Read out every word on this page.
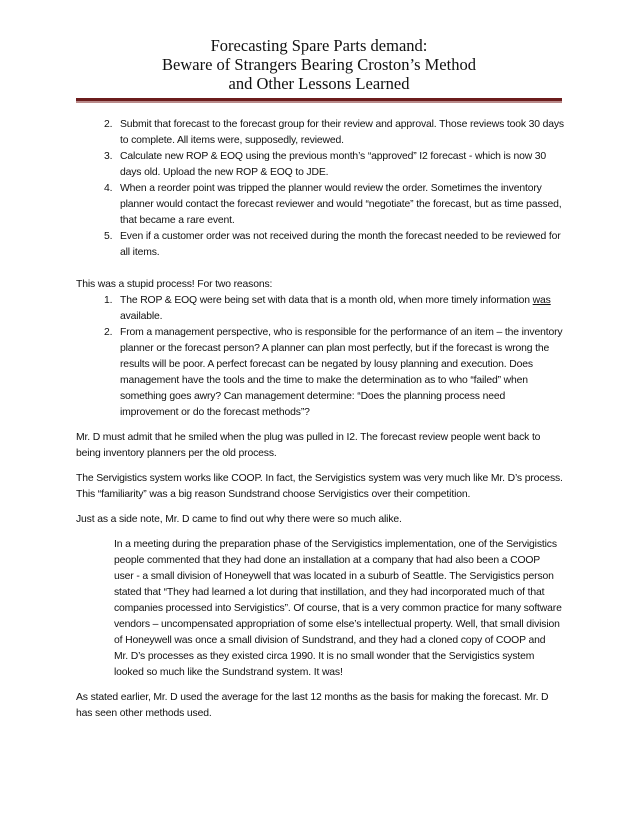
Forecasting Spare Parts demand:
Beware of Strangers Bearing Croston’s Method
and Other Lessons Learned
2. Submit that forecast to the forecast group for their review and approval. Those reviews took 30 days to complete. All items were, supposedly, reviewed.
3. Calculate new ROP & EOQ using the previous month’s “approved” I2 forecast - which is now 30 days old. Upload the new ROP & EOQ to JDE.
4. When a reorder point was tripped the planner would review the order. Sometimes the inventory planner would contact the forecast reviewer and would “negotiate” the forecast, but as time passed, that became a rare event.
5. Even if a customer order was not received during the month the forecast needed to be reviewed for all items.

This was a stupid process! For two reasons:

1. The ROP & EOQ were being set with data that is a month old, when more timely information was available.
2. From a management perspective, who is responsible for the performance of an item – the inventory planner or the forecast person? A planner can plan most perfectly, but if the forecast is wrong the results will be poor. A perfect forecast can be negated by lousy planning and execution. Does management have the tools and the time to make the determination as to who “failed” when something goes awry? Can management determine: “Does the planning process need improvement or do the forecast methods”?

Mr. D must admit that he smiled when the plug was pulled in I2. The forecast review people went back to being inventory planners per the old process.

The Servigistics system works like COOP. In fact, the Servigistics system was very much like Mr. D’s process. This “familiarity” was a big reason Sundstrand choose Servigistics over their competition.

Just as a side note, Mr. D came to find out why there were so much alike.

In a meeting during the preparation phase of the Servigistics implementation, one of the Servigistics people commented that they had done an installation at a company that had also been a COOP user - a small division of Honeywell that was located in a suburb of Seattle. The Servigistics person stated that “They had learned a lot during that instillation, and they had incorporated much of that companies processed into Servigistics”. Of course, that is a very common practice for many software vendors – uncompensated appropriation of some else’s intellectual property. Well, that small division of Honeywell was once a small division of Sundstrand, and they had a cloned copy of COOP and Mr. D’s processes as they existed circa 1990. It is no small wonder that the Servigistics system looked so much like the Sundstrand system. It was!

As stated earlier, Mr. D used the average for the last 12 months as the basis for making the forecast. Mr. D has seen other methods used.
